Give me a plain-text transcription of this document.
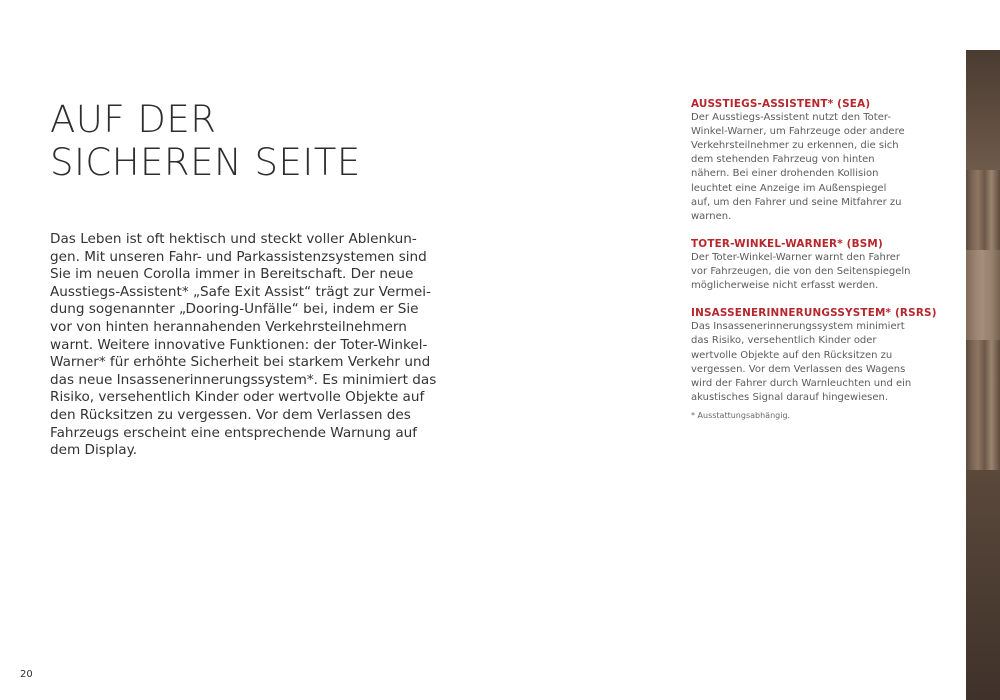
AUF DER
SICHEREN SEITE
Das Leben ist oft hektisch und steckt voller Ablenkun-
gen. Mit unseren Fahr- und Parkassistenzsystemen sind
Sie im neuen Corolla immer in Bereitschaft. Der neue
Ausstiegs-Assistent* „Safe Exit Assist“ trägt zur Vermei-
dung sogenannter „Dooring-Unfälle“ bei, indem er Sie
vor von hinten herannahenden Verkehrsteilnehmern
warnt. Weitere innovative Funktionen: der Toter-Winkel-
Warner* für erhöhte Sicherheit bei starkem Verkehr und
das neue Insassenerinnerungssystem*. Es minimiert das
Risiko, versehentlich Kinder oder wertvolle Objekte auf
den Rücksitzen zu vergessen. Vor dem Verlassen des
Fahrzeugs erscheint eine entsprechende Warnung auf
dem Display.

AUSSTIEGS-ASSISTENT* (SEA)

Der Ausstiegs-Assistent nutzt den Toter-
Winkel-Warner, um Fahrzeuge oder andere
Verkehrsteilnehmer zu erkennen, die sich
dem stehenden Fahrzeug von hinten
nähern. Bei einer drohenden Kollision
leuchtet eine Anzeige im Außenspiegel
auf, um den Fahrer und seine Mitfahrer zu
warnen.

TOTER-WINKEL-WARNER* (BSM)

Der Toter-Winkel-Warner warnt den Fahrer
vor Fahrzeugen, die von den Seitenspiegeln
möglicherweise nicht erfasst werden.

INSASSENERINNERUNGSSYSTEM* (RSRS)

Das Insassenerinnerungssystem minimiert
das Risiko, versehentlich Kinder oder
wertvolle Objekte auf den Rücksitzen zu
vergessen. Vor dem Verlassen des Wagens
wird der Fahrer durch Warnleuchten und ein
akustisches Signal darauf hingewiesen.
* Ausstattungsabhängig.
20
